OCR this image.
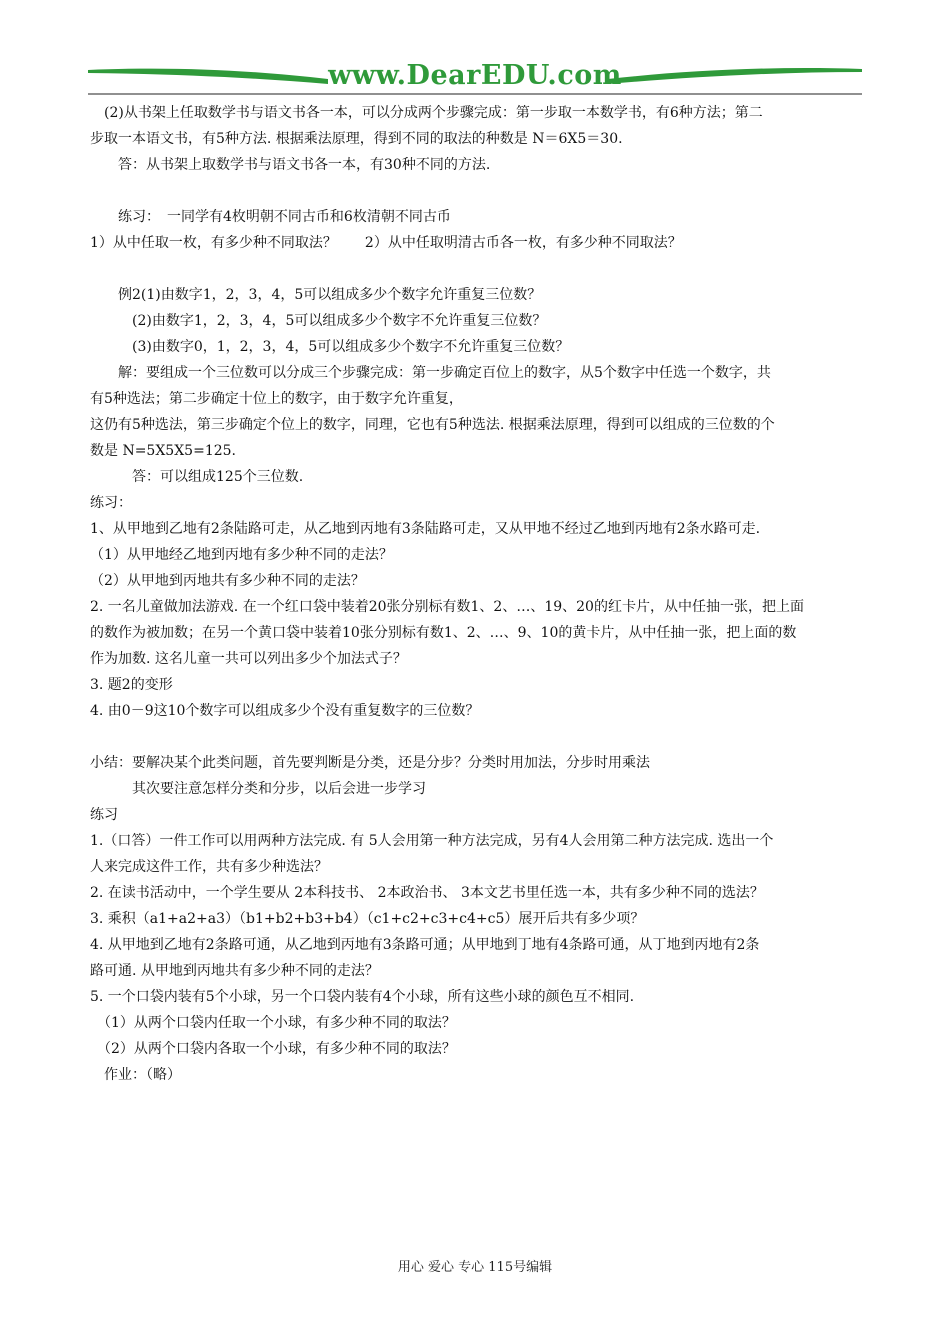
www.DearEDU.com
　(2)从书架上任取数学书与语文书各一本，可以分成两个步骤完成：第一步取一本数学书，有6种方法；第二
步取一本语文书，有5种方法. 根据乘法原理，得到不同的取法的种数是 N＝6X5＝30.
　　答：从书架上取数学书与语文书各一本，有30种不同的方法.
　　练习：　一同学有4枚明朝不同古币和6枚清朝不同古币
1）从中任取一枚，有多少种不同取法？　　2）从中任取明清古币各一枚，有多少种不同取法？
　　例2(1)由数字1，2，3，4，5可以组成多少个数字允许重复三位数？
　　　(2)由数字1，2，3，4，5可以组成多少个数字不允许重复三位数？
　　　(3)由数字0，1，2，3，4，5可以组成多少个数字不允许重复三位数？
　　解：要组成一个三位数可以分成三个步骤完成：第一步确定百位上的数字，从5个数字中任选一个数字，共
有5种选法；第二步确定十位上的数字，由于数字允许重复，
这仍有5种选法，第三步确定个位上的数字，同理，它也有5种选法. 根据乘法原理，得到可以组成的三位数的个
数是 N=5X5X5=125.
　　　答：可以组成125个三位数.
练习：
1、从甲地到乙地有2条陆路可走，从乙地到丙地有3条陆路可走，又从甲地不经过乙地到丙地有2条水路可走.
（1）从甲地经乙地到丙地有多少种不同的走法？
（2）从甲地到丙地共有多少种不同的走法？
2. 一名儿童做加法游戏. 在一个红口袋中装着20张分别标有数1、2、…、19、20的红卡片，从中任抽一张，把上面
的数作为被加数；在另一个黄口袋中装着10张分别标有数1、2、…、9、10的黄卡片，从中任抽一张，把上面的数
作为加数. 这名儿童一共可以列出多少个加法式子？
3. 题2的变形
4. 由0－9这10个数字可以组成多少个没有重复数字的三位数？
小结：要解决某个此类问题，首先要判断是分类，还是分步？分类时用加法，分步时用乘法
　　　其次要注意怎样分类和分步，以后会进一步学习
练习
1.（口答）一件工作可以用两种方法完成. 有 5人会用第一种方法完成，另有4人会用第二种方法完成. 选出一个
人来完成这件工作，共有多少种选法？
2. 在读书活动中，一个学生要从 2本科技书、 2本政治书、 3本文艺书里任选一本，共有多少种不同的选法？
3. 乘积（a1+a2+a3）（b1+b2+b3+b4）（c1+c2+c3+c4+c5）展开后共有多少项？
4. 从甲地到乙地有2条路可通，从乙地到丙地有3条路可通；从甲地到丁地有4条路可通，从丁地到丙地有2条
路可通. 从甲地到丙地共有多少种不同的走法？
5. 一个口袋内装有5个小球，另一个口袋内装有4个小球，所有这些小球的颜色互不相同.
　（1）从两个口袋内任取一个小球，有多少种不同的取法？
　（2）从两个口袋内各取一个小球，有多少种不同的取法？
　作业：（略）
用心 爱心 专心 115号编辑
